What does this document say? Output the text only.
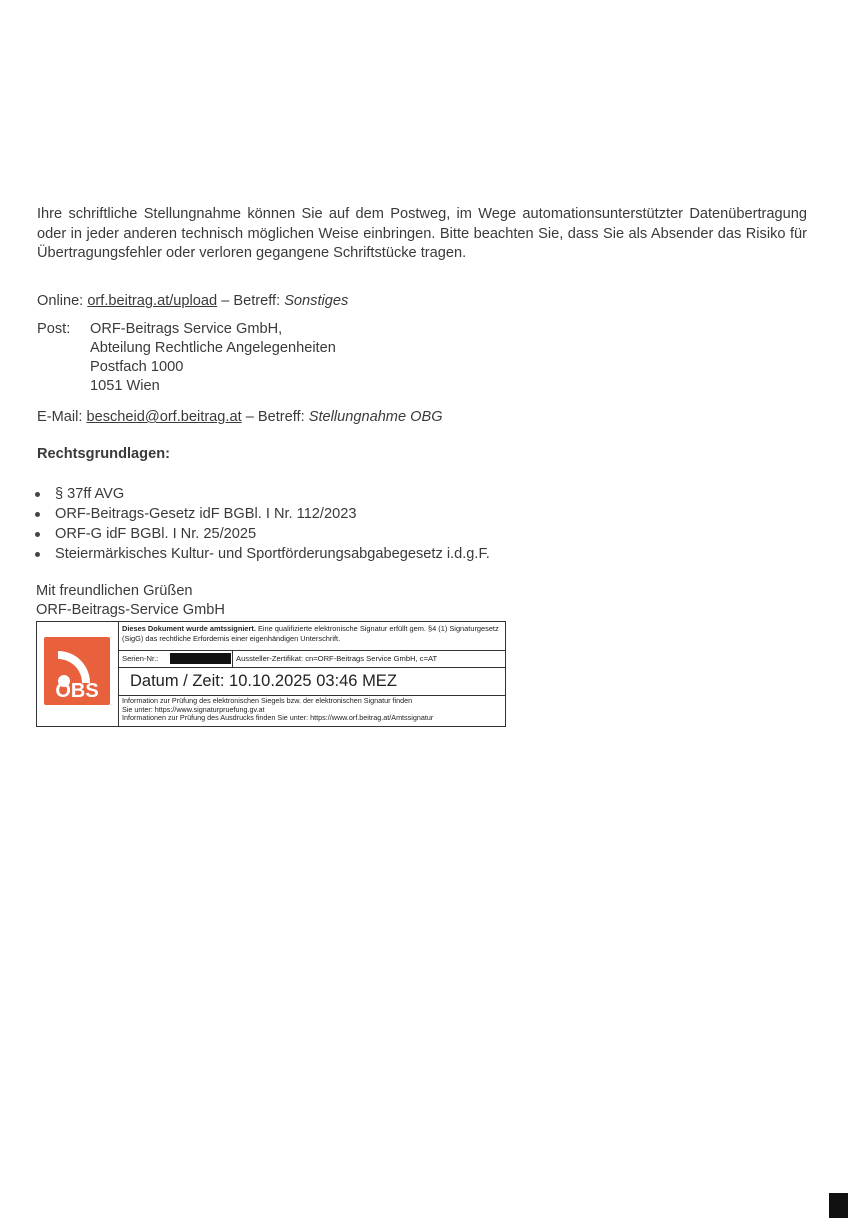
Ihre schriftliche Stellungnahme können Sie auf dem Postweg, im Wege automationsunterstützter Datenübertragung oder in jeder anderen technisch möglichen Weise einbringen. Bitte beachten Sie, dass Sie als Absender das Risiko für Übertragungsfehler oder verloren gegangene Schriftstücke tragen.
Online: orf.beitrag.at/upload – Betreff: Sonstiges
Post: ORF-Beitrags Service GmbH,
Abteilung Rechtliche Angelegenheiten
Postfach 1000
1051 Wien
E-Mail: bescheid@orf.beitrag.at – Betreff: Stellungnahme OBG
Rechtsgrundlagen:
§ 37ff AVG
ORF-Beitrags-Gesetz idF BGBl. I Nr. 112/2023
ORF-G idF BGBl. I Nr. 25/2025
Steiermärkisches Kultur- und Sportförderungsabgabegesetz i.d.g.F.
Mit freundlichen Grüßen
ORF-Beitrags-Service GmbH
OBS
Dieses Dokument wurde amtssigniert. Eine qualifizierte elektronische Signatur erfüllt gem. §4 (1) Signaturgesetz (SigG) das rechtliche Erfordernis einer eigenhändigen Unterschrift.
Serien-Nr.:	Aussteller-Zertifikat: cn=ORF-Beitrags Service GmbH, c=AT
Datum / Zeit: 10.10.2025 03:46 MEZ
Information zur Prüfung des elektronischen Siegels bzw. der elektronischen Signatur finden
Sie unter: https://www.signaturpruefung.gv.at
Informationen zur Prüfung des Ausdrucks finden Sie unter: https://www.orf.beitrag.at/Amtssignatur
